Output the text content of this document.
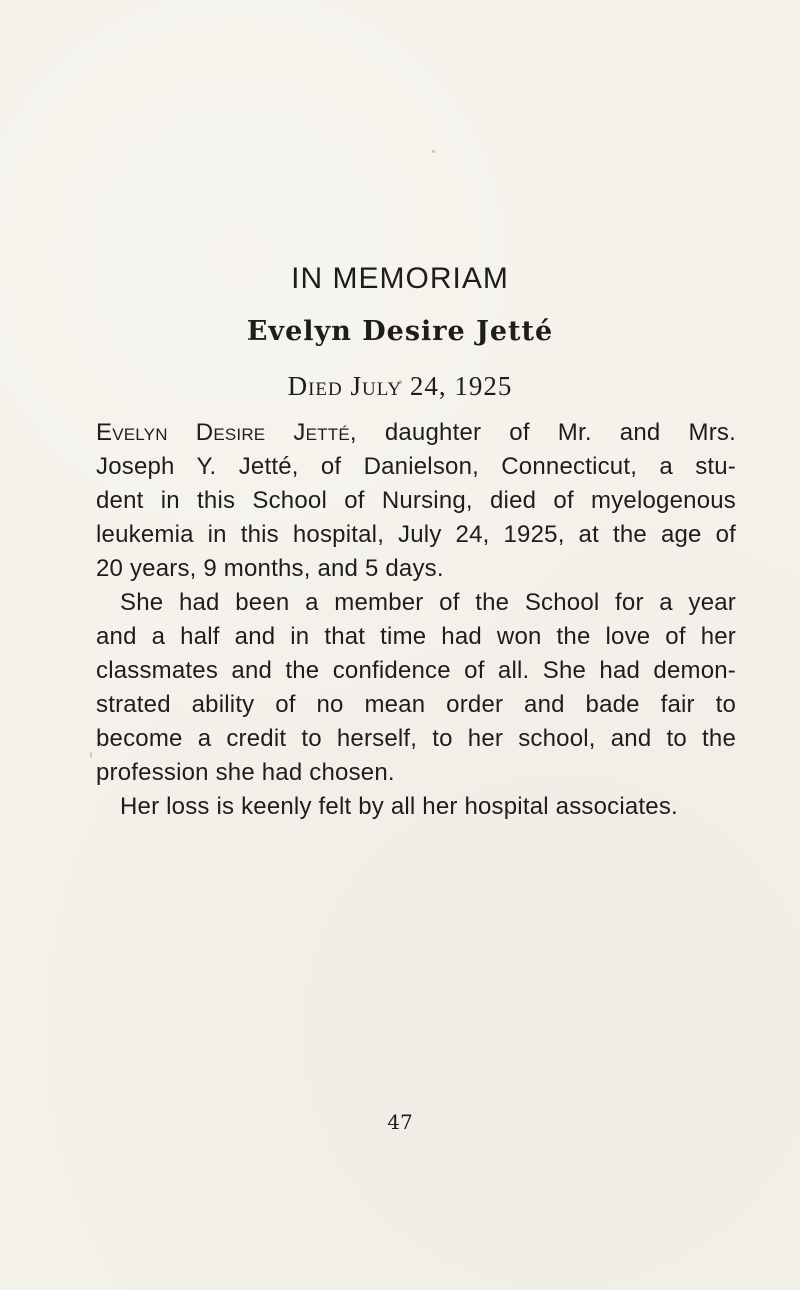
IN MEMORIAM
Evelyn Desire Jetté
Died July 24, 1925
Evelyn Desire Jetté, daughter of Mr. and Mrs.
Joseph Y. Jetté, of Danielson, Connecticut, a stu-
dent in this School of Nursing, died of myelogenous
leukemia in this hospital, July 24, 1925, at the age of
20 years, 9 months, and 5 days.
She had been a member of the School for a year
and a half and in that time had won the love of her
classmates and the confidence of all. She had demon-
strated ability of no mean order and bade fair to
become a credit to herself, to her school, and to the
profession she had chosen.
Her loss is keenly felt by all her hospital associates.
47
